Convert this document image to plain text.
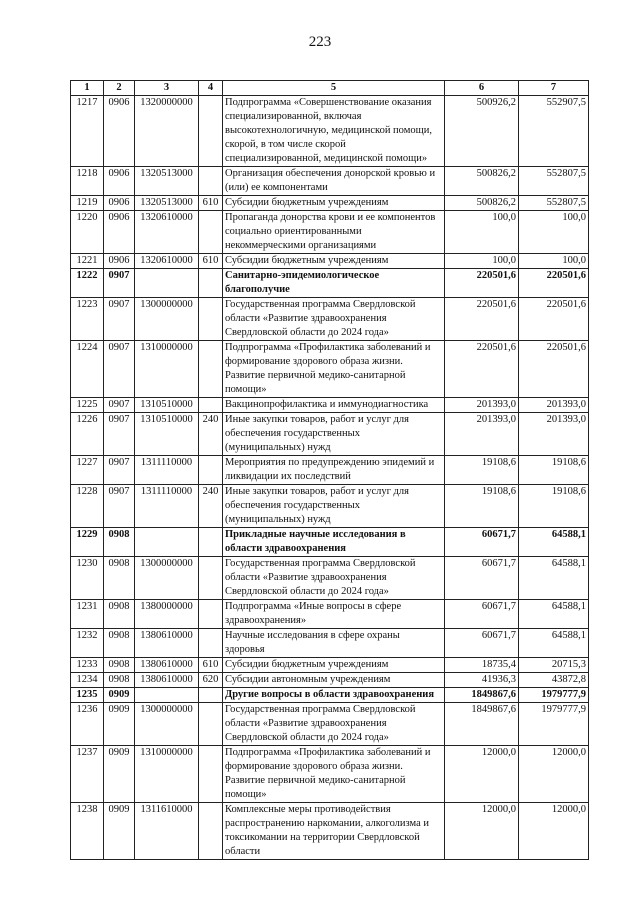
223
1	2	3	4	5	6	7
1217	0906	1320000000		Подпрограмма «Совершенствование оказания специализированной, включая высокотехнологичную, медицинской помощи, скорой, в том числе скорой специализированной, медицинской помощи»	500926,2	552907,5
1218	0906	1320513000		Организация обеспечения донорской кровью и (или) ее компонентами	500826,2	552807,5
1219	0906	1320513000	610	Субсидии бюджетным учреждениям	500826,2	552807,5
1220	0906	1320610000		Пропаганда донорства крови и ее компонентов социально ориентированными некоммерческими организациями	100,0	100,0
1221	0906	1320610000	610	Субсидии бюджетным учреждениям	100,0	100,0
1222	0907			Санитарно-эпидемиологическое благополучие	220501,6	220501,6
1223	0907	1300000000		Государственная программа Свердловской области «Развитие здравоохранения Свердловской области до 2024 года»	220501,6	220501,6
1224	0907	1310000000		Подпрограмма «Профилактика заболеваний и формирование здорового образа жизни. Развитие первичной медико-санитарной помощи»	220501,6	220501,6
1225	0907	1310510000		Вакцинопрофилактика и иммунодиагностика	201393,0	201393,0
1226	0907	1310510000	240	Иные закупки товаров, работ и услуг для обеспечения государственных (муниципальных) нужд	201393,0	201393,0
1227	0907	1311110000		Мероприятия по предупреждению эпидемий и ликвидации их последствий	19108,6	19108,6
1228	0907	1311110000	240	Иные закупки товаров, работ и услуг для обеспечения государственных (муниципальных) нужд	19108,6	19108,6
1229	0908			Прикладные научные исследования в области здравоохранения	60671,7	64588,1
1230	0908	1300000000		Государственная программа Свердловской области «Развитие здравоохранения Свердловской области до 2024 года»	60671,7	64588,1
1231	0908	1380000000		Подпрограмма «Иные вопросы в сфере здравоохранения»	60671,7	64588,1
1232	0908	1380610000		Научные исследования в сфере охраны здоровья	60671,7	64588,1
1233	0908	1380610000	610	Субсидии бюджетным учреждениям	18735,4	20715,3
1234	0908	1380610000	620	Субсидии автономным учреждениям	41936,3	43872,8
1235	0909			Другие вопросы в области здравоохранения	1849867,6	1979777,9
1236	0909	1300000000		Государственная программа Свердловской области «Развитие здравоохранения Свердловской области до 2024 года»	1849867,6	1979777,9
1237	0909	1310000000		Подпрограмма «Профилактика заболеваний и формирование здорового образа жизни. Развитие первичной медико-санитарной помощи»	12000,0	12000,0
1238	0909	1311610000		Комплексные меры противодействия распространению наркомании, алкоголизма и токсикомании на территории Свердловской области	12000,0	12000,0
